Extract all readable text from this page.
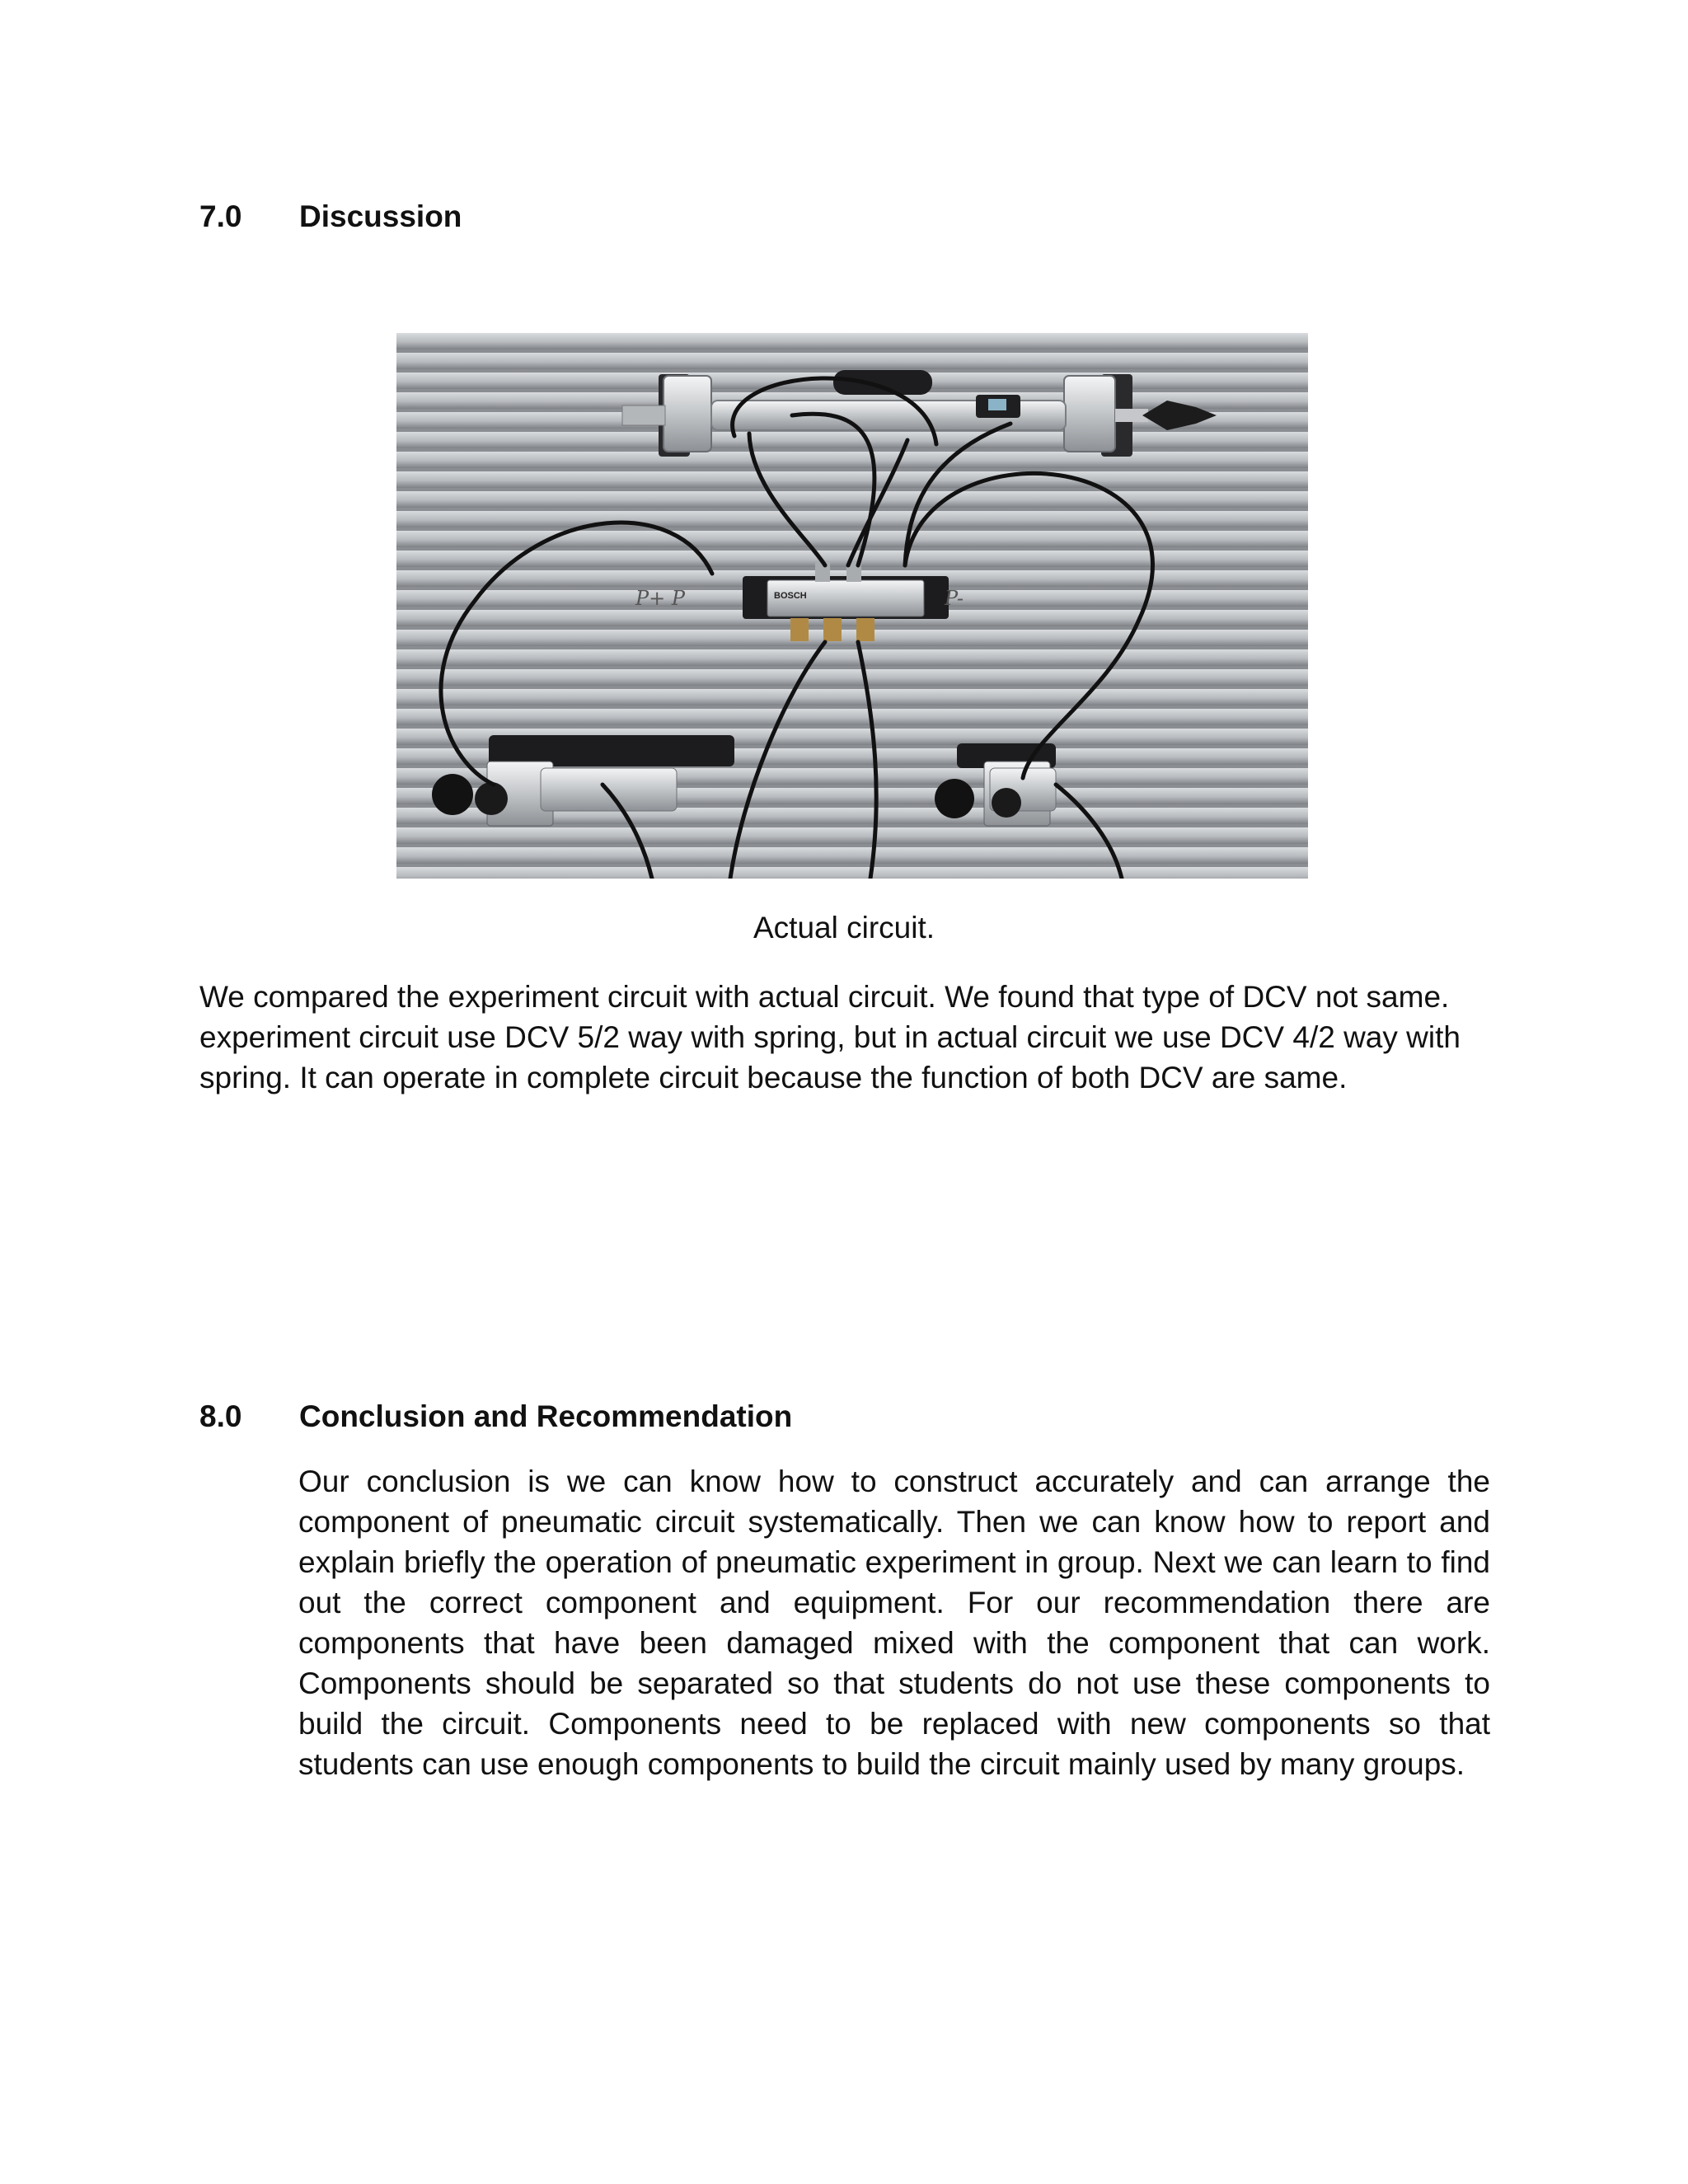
7.0 Discussion
BOSCH
P+ P	P-
Actual circuit.
We compared the experiment circuit with actual circuit. We found that type of DCV not same.
experiment circuit use DCV 5/2 way with spring, but in actual circuit we use DCV 4/2 way with
spring. It can operate in complete circuit because the function of both DCV are same.
8.0 Conclusion and Recommendation
Our conclusion is we can know how to construct accurately and can arrange the component of pneumatic circuit systematically. Then we can know how to report and explain briefly the operation of pneumatic experiment in group. Next we can learn to find out the correct component and equipment. For our recommendation there are components that have been damaged mixed with the component that can work. Components should be separated so that students do not use these components to build the circuit. Components need to be replaced with new components so that students can use enough components to build the circuit mainly used by many groups.
